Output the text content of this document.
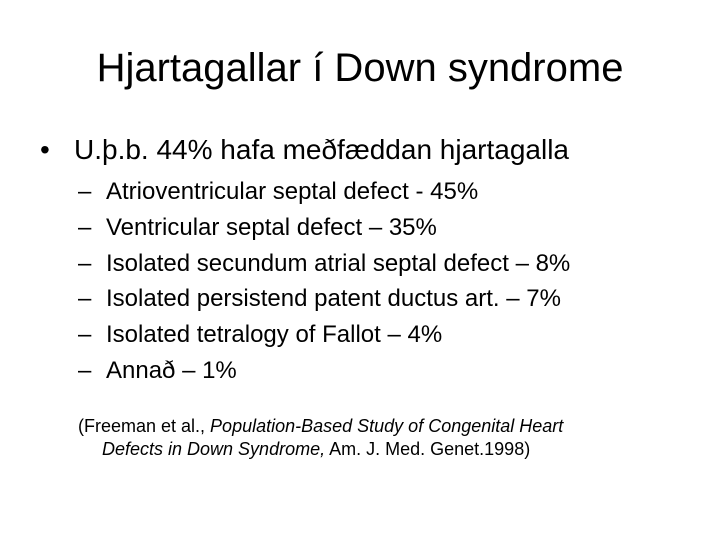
Hjartagallar í Down syndrome
• U.þ.b. 44% hafa meðfæddan hjartagalla
– Atrioventricular septal defect - 45%
– Ventricular septal defect – 35%
– Isolated secundum atrial septal defect – 8%
– Isolated persistend patent ductus art. – 7%
– Isolated tetralogy of Fallot – 4%
– Annað – 1%
(Freeman et al., Population-Based Study of Congenital Heart
Defects in Down Syndrome, Am. J. Med. Genet.1998)
